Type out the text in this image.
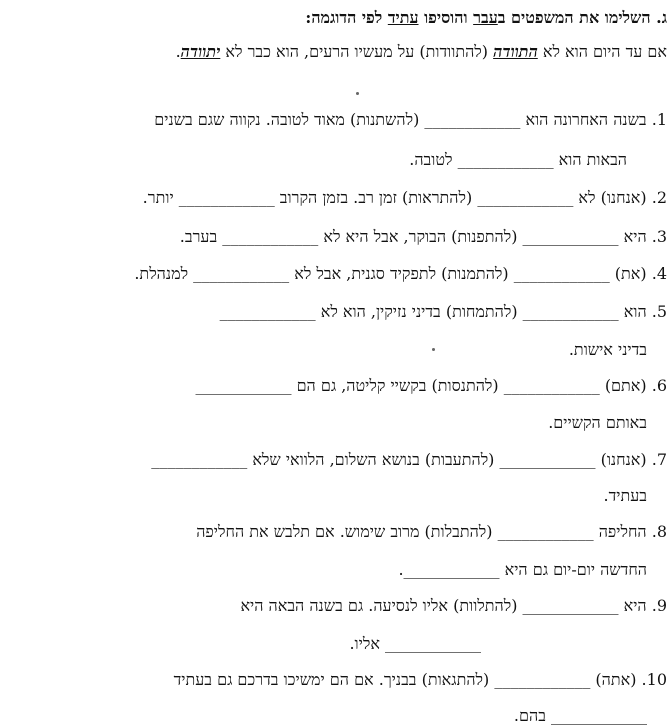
ג. השלימו את המשפטים בעבר והוסיפו עתיד לפי הדוגמה:
אם עד היום הוא לא התוודה (להתוודות) על מעשיו הרעים, הוא כבר לא יתוודה.
1. בשנה האחרונה הוא ____________ (להשתנות) מאוד לטובה. נקווה שגם בשנים
הבאות הוא ____________ לטובה.
2. (אנחנו) לא ____________ (להתראות) זמן רב. בזמן הקרוב ____________ יותר.
3. היא ____________ (להתפנות) הבוקר, אבל היא לא ____________ בערב.
4. (את) ____________ (להתמנות) לתפקיד סגנית, אבל לא ____________ למנהלת.
5. הוא ____________ (להתמחות) בדיני נזיקין, הוא לא ____________
בדיני אישות.
6. (אתם) ____________ (להתנסות) בקשיי קליטה, גם הם ____________
באותם הקשיים.
7. (אנחנו) ____________ (להתעבות) בנושא השלום, הלוואי שלא ____________
בעתיד.
8. החליפה ____________ (להתבלות) מרוב שימוש. אם תלבש את החליפה
החדשה יום-יום גם היא ____________.
9. היא ____________ (להתלוות) אליו לנסיעה. גם בשנה הבאה היא
____________ אליו.
10. (אתה) ____________ (להתגאות) בבניך. אם הם ימשיכו בדרכם גם בעתיד
____________ בהם.
